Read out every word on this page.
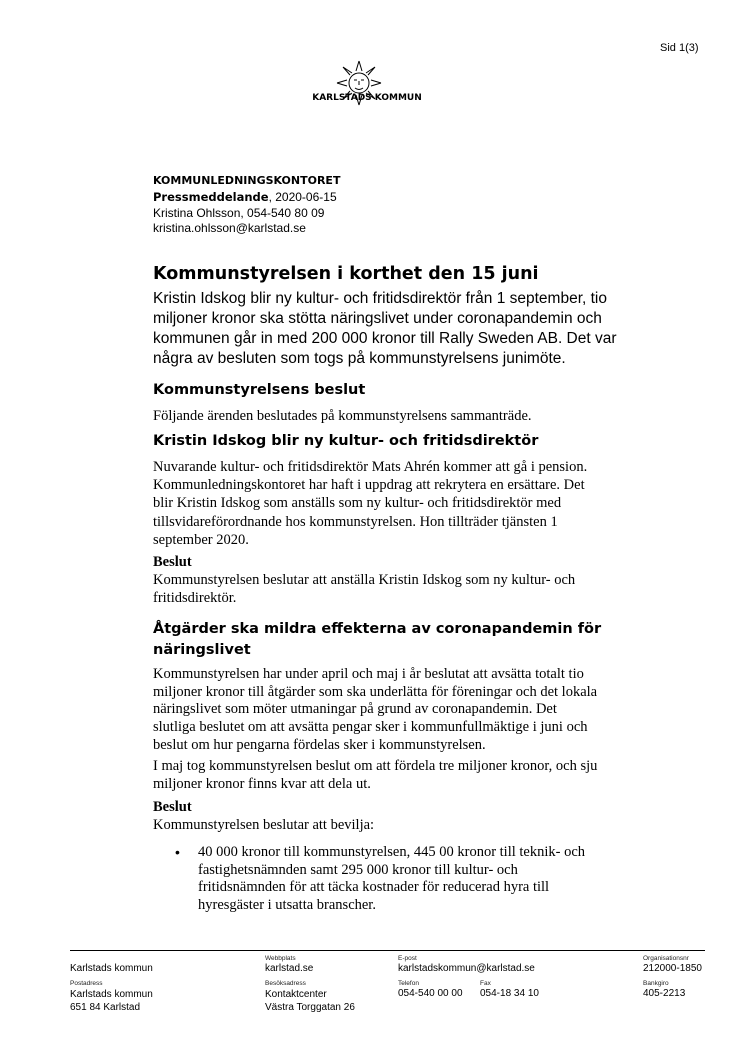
Sid 1(3)

KARLSTADS KOMMUN
KOMMUNLEDNINGSKONTORET
Pressmeddelande, 2020-06-15
Kristina Ohlsson, 054-540 80 09
kristina.ohlsson@karlstad.se
Kommunstyrelsen i korthet den 15 juni
Kristin Idskog blir ny kultur- och fritidsdirektör från 1 september, tio
miljoner kronor ska stötta näringslivet under coronapandemin och
kommunen går in med 200 000 kronor till Rally Sweden AB. Det var
några av besluten som togs på kommunstyrelsens junimöte.
Kommunstyrelsens beslut
Följande ärenden beslutades på kommunstyrelsens sammanträde.
Kristin Idskog blir ny kultur- och fritidsdirektör
Nuvarande kultur- och fritidsdirektör Mats Ahrén kommer att gå i pension.
Kommunledningskontoret har haft i uppdrag att rekrytera en ersättare. Det
blir Kristin Idskog som anställs som ny kultur- och fritidsdirektör med
tillsvidareförordnande hos kommunstyrelsen. Hon tillträder tjänsten 1
september 2020.
Beslut
Kommunstyrelsen beslutar att anställa Kristin Idskog som ny kultur- och
fritidsdirektör.
Åtgärder ska mildra effekterna av coronapandemin för
näringslivet
Kommunstyrelsen har under april och maj i år beslutat att avsätta totalt tio
miljoner kronor till åtgärder som ska underlätta för föreningar och det lokala
näringslivet som möter utmaningar på grund av coronapandemin. Det
slutliga beslutet om att avsätta pengar sker i kommunfullmäktige i juni och
beslut om hur pengarna fördelas sker i kommunstyrelsen.
I maj tog kommunstyrelsen beslut om att fördela tre miljoner kronor, och sju
miljoner kronor finns kvar att dela ut.
Beslut
Kommunstyrelsen beslutar att bevilja:
• 40 000 kronor till kommunstyrelsen, 445 00 kronor till teknik- och
fastighetsnämnden samt 295 000 kronor till kultur- och
fritidsnämnden för att täcka kostnader för reducerad hyra till
hyresgäster i utsatta branscher.
Karlstads kommun
Webbplats
karlstad.se
E-post
karlstadskommun@karlstad.se
Organisationsnr
212000-1850
Postadress
Karlstads kommun
651 84 Karlstad
Besöksadress
Kontaktcenter
Västra Torggatan 26
Telefon
054-540 00 00
Fax
054-18 34 10
Bankgiro
405-2213
